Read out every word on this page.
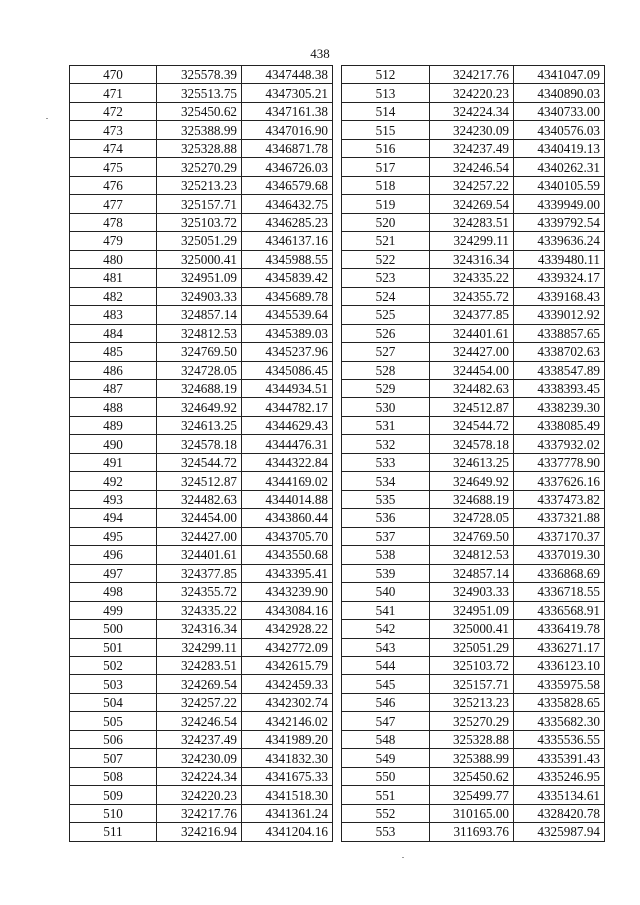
438
470	325578.39	4347448.38
471	325513.75	4347305.21
472	325450.62	4347161.38
473	325388.99	4347016.90
474	325328.88	4346871.78
475	325270.29	4346726.03
476	325213.23	4346579.68
477	325157.71	4346432.75
478	325103.72	4346285.23
479	325051.29	4346137.16
480	325000.41	4345988.55
481	324951.09	4345839.42
482	324903.33	4345689.78
483	324857.14	4345539.64
484	324812.53	4345389.03
485	324769.50	4345237.96
486	324728.05	4345086.45
487	324688.19	4344934.51
488	324649.92	4344782.17
489	324613.25	4344629.43
490	324578.18	4344476.31
491	324544.72	4344322.84
492	324512.87	4344169.02
493	324482.63	4344014.88
494	324454.00	4343860.44
495	324427.00	4343705.70
496	324401.61	4343550.68
497	324377.85	4343395.41
498	324355.72	4343239.90
499	324335.22	4343084.16
500	324316.34	4342928.22
501	324299.11	4342772.09
502	324283.51	4342615.79
503	324269.54	4342459.33
504	324257.22	4342302.74
505	324246.54	4342146.02
506	324237.49	4341989.20
507	324230.09	4341832.30
508	324224.34	4341675.33
509	324220.23	4341518.30
510	324217.76	4341361.24
511	324216.94	4341204.16
512	324217.76	4341047.09
513	324220.23	4340890.03
514	324224.34	4340733.00
515	324230.09	4340576.03
516	324237.49	4340419.13
517	324246.54	4340262.31
518	324257.22	4340105.59
519	324269.54	4339949.00
520	324283.51	4339792.54
521	324299.11	4339636.24
522	324316.34	4339480.11
523	324335.22	4339324.17
524	324355.72	4339168.43
525	324377.85	4339012.92
526	324401.61	4338857.65
527	324427.00	4338702.63
528	324454.00	4338547.89
529	324482.63	4338393.45
530	324512.87	4338239.30
531	324544.72	4338085.49
532	324578.18	4337932.02
533	324613.25	4337778.90
534	324649.92	4337626.16
535	324688.19	4337473.82
536	324728.05	4337321.88
537	324769.50	4337170.37
538	324812.53	4337019.30
539	324857.14	4336868.69
540	324903.33	4336718.55
541	324951.09	4336568.91
542	325000.41	4336419.78
543	325051.29	4336271.17
544	325103.72	4336123.10
545	325157.71	4335975.58
546	325213.23	4335828.65
547	325270.29	4335682.30
548	325328.88	4335536.55
549	325388.99	4335391.43
550	325450.62	4335246.95
551	325499.77	4335134.61
552	310165.00	4328420.78
553	311693.76	4325987.94
